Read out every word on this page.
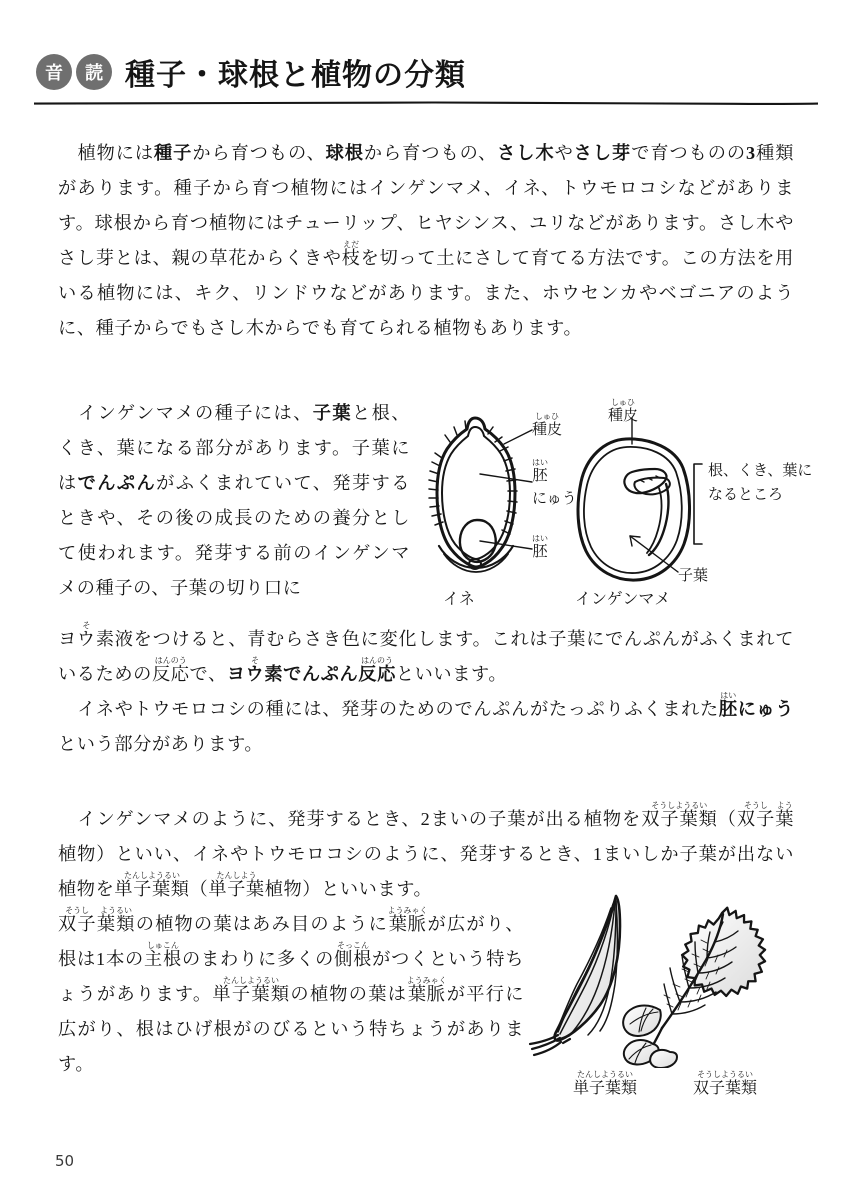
音	読 種子・球根と植物の分類
植物には種子から育つもの、球根から育つもの、さし木やさし芽で育つものの3種類があります。種子から育つ植物にはインゲンマメ、イネ、トウモロコシなどがあります。球根から育つ植物にはチューリップ、ヒヤシンス、ユリなどがあります。さし木やさし芽とは、親の草花からくきや枝えだを切って土にさして育てる方法です。この方法を用いる植物には、キク、リンドウなどがあります。また、ホウセンカやベゴニアのように、種子からでもさし木からでも育てられる植物もあります。
インゲンマメの種子には、子葉と根、くき、葉になる部分があります。子葉にはでんぷんがふくまれていて、発芽するときや、その後の成長のための養分として使われます。発芽する前のインゲンマメの種子の、子葉の切り口に
ヨウ素そ液をつけると、青むらさき色に変化します。これは子葉にでんぷんがふくまれているための反応はんのうで、ヨウ素そでんぷん反応はんのうといいます。
イネやトウモロコシの種には、発芽のためのでんぷんがたっぷりふくまれた胚はいにゅうという部分があります。
インゲンマメのように、発芽するとき、2まいの子葉が出る植物を双子葉類そうしようるい（双子そうし葉よう植物）といい、イネやトウモロコシのように、発芽するとき、1まいしか子葉が出ない植物を単子葉類たんしようるい（単子葉たんしよう植物）といいます。
双子そうし葉類ようるいの植物の葉はあみ目のように葉脈ようみゃくが広がり、根は1本の主根しゅこんのまわりに多くの側根そっこんがつくという特ちょうがあります。単子葉類たんしようるいの植物の葉は葉脈ようみゃくが平行に広がり、根はひげ根がのびるという特ちょうがあります。
種皮しゅひ
胚はい
にゅう
胚はい
イネ
種皮しゅひ
根、くき、葉に
なるところ
子葉
インゲンマメ
単子葉類たんしようるい
双子葉類そうしようるい
50
